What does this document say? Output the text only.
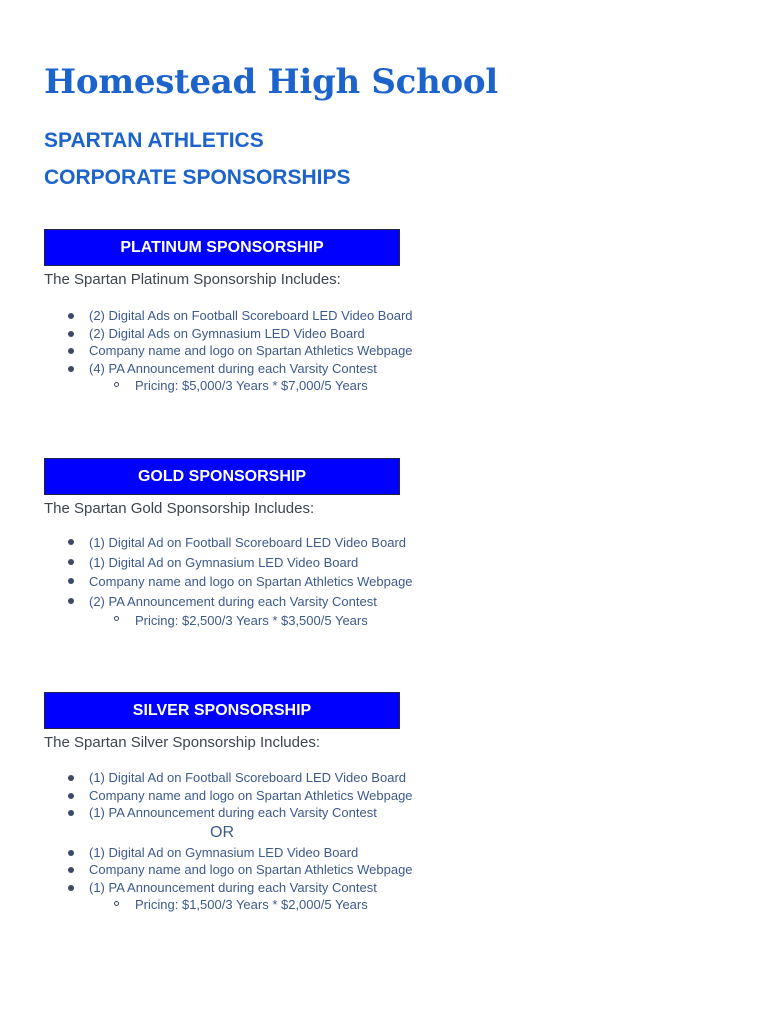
Homestead High School
SPARTAN ATHLETICS
CORPORATE SPONSORSHIPS
PLATINUM SPONSORSHIP
The Spartan Platinum Sponsorship Includes:
(2) Digital Ads on Football Scoreboard LED Video Board
(2) Digital Ads on Gymnasium LED Video Board
Company name and logo on Spartan Athletics Webpage
(4) PA Announcement during each Varsity Contest
Pricing: $5,000/3 Years * $7,000/5 Years
GOLD SPONSORSHIP
The Spartan Gold Sponsorship Includes:
(1) Digital Ad on Football Scoreboard LED Video Board
(1) Digital Ad on Gymnasium LED Video Board
Company name and logo on Spartan Athletics Webpage
(2) PA Announcement during each Varsity Contest
Pricing: $2,500/3 Years * $3,500/5 Years
SILVER SPONSORSHIP
The Spartan Silver Sponsorship Includes:
(1) Digital Ad on Football Scoreboard LED Video Board
Company name and logo on Spartan Athletics Webpage
(1) PA Announcement during each Varsity Contest
OR
(1) Digital Ad on Gymnasium LED Video Board
Company name and logo on Spartan Athletics Webpage
(1) PA Announcement during each Varsity Contest
Pricing: $1,500/3 Years * $2,000/5 Years
